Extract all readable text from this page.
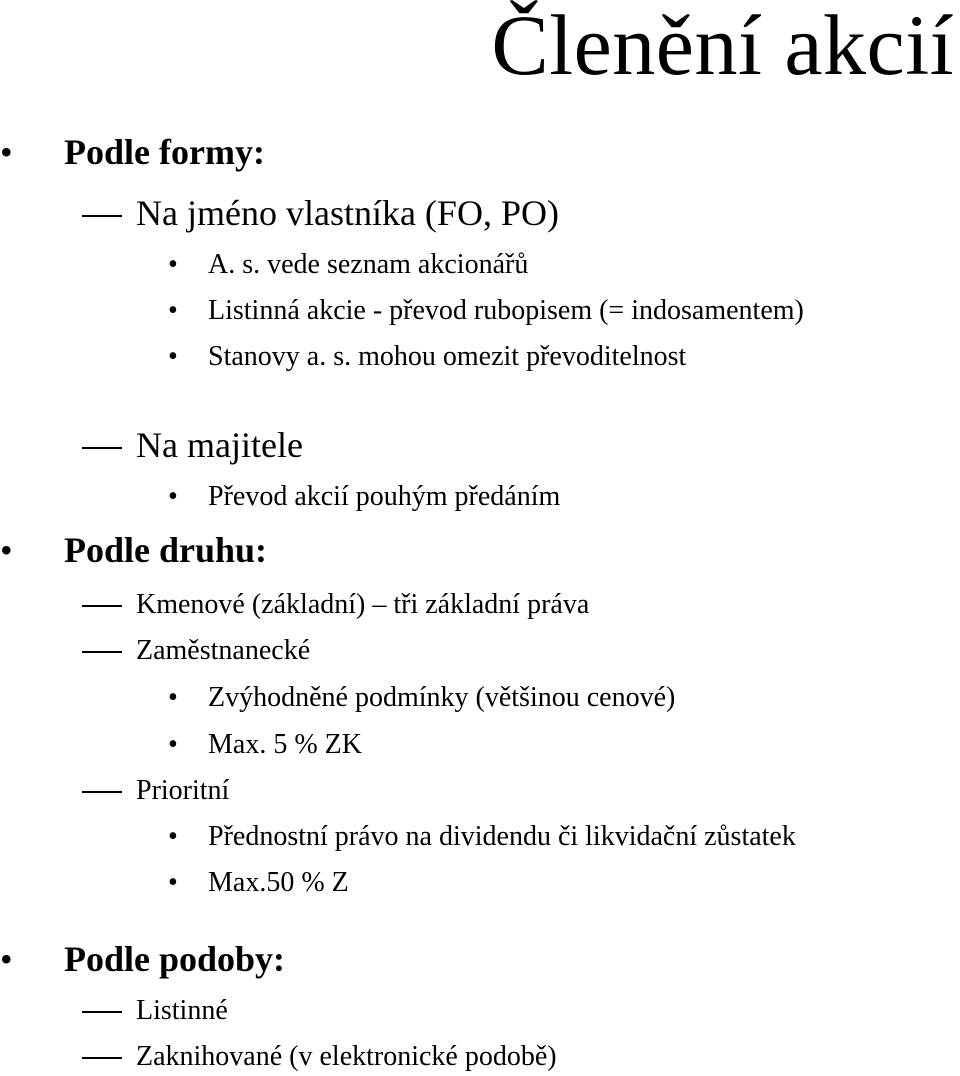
Členění akcií
• Podle formy:
Na jméno vlastníka (FO, PO)
• A. s. vede seznam akcionářů
• Listinná akcie - převod rubopisem (= indosamentem)
• Stanovy a. s. mohou omezit převoditelnost
Na majitele
• Převod akcií pouhým předáním
• Podle druhu:
Kmenové (základní) – tři základní práva
Zaměstnanecké
• Zvýhodněné podmínky (většinou cenové)
• Max. 5 % ZK
Prioritní
• Přednostní právo na dividendu či likvidační zůstatek
• Max.50 % Z
• Podle podoby:
Listinné
Zaknihované (v elektronické podobě)
